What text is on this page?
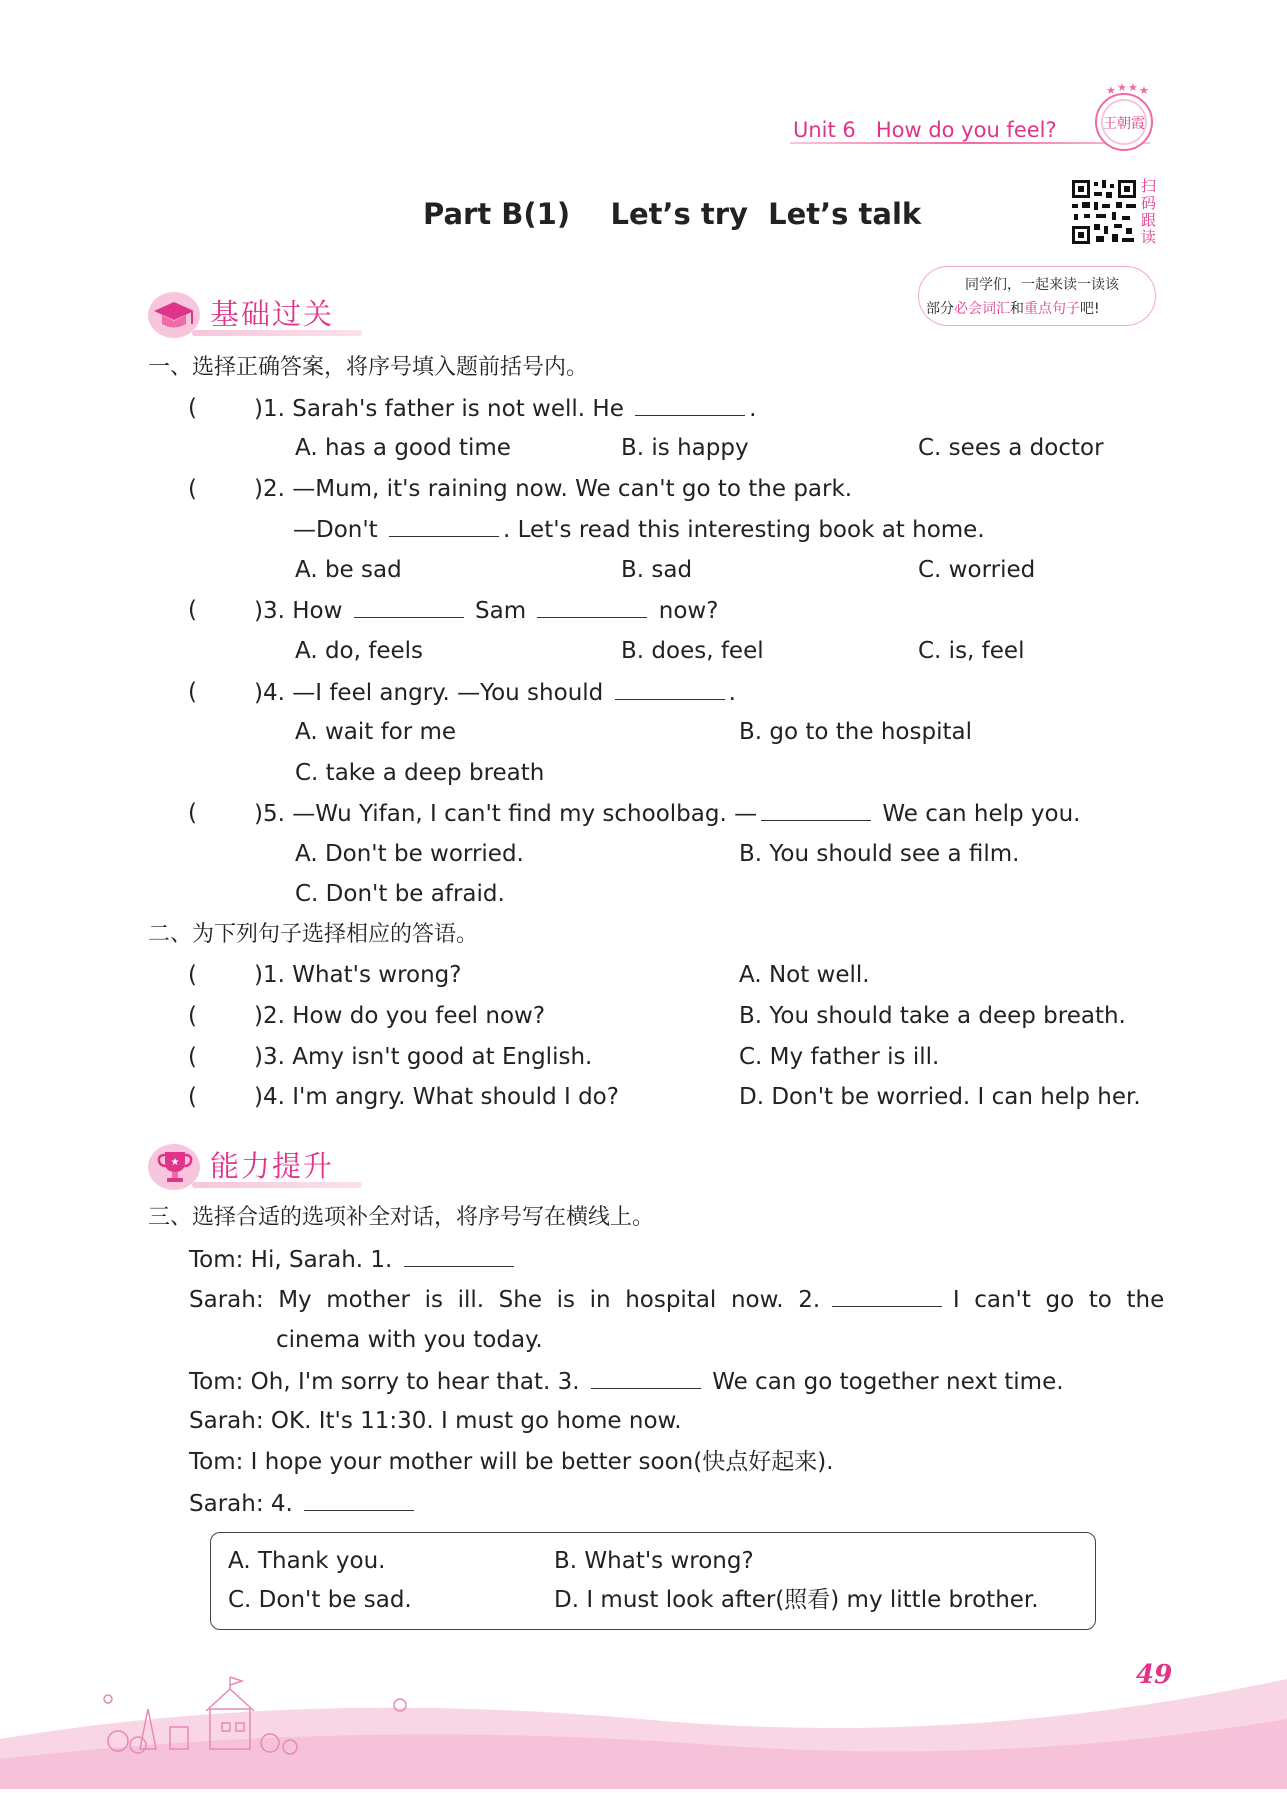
Unit 6 How do you feel?	王朝霞
★ ★ ★ ★
Part B(1)    Let’s try  Let’s talk
扫码跟读
同学们，一起来读一读该
部分必会词汇和重点句子吧!
基础过关
一、选择正确答案，将序号填入题前括号内。
( )1. Sarah's father is not well. He	.
A. has a good time	B. is happy	C. sees a doctor
( )2. —Mum, it's raining now. We can't go to the park.
—Don't	. Let's read this interesting book at home.
A. be sad	B. sad	C. worried
( )3. How	Sam	now?
A. do, feels	B. does, feel	C. is, feel
( )4. —I feel angry. —You should	.
A. wait for me	B. go to the hospital
C. take a deep breath
( )5. —Wu Yifan, I can't find my schoolbag. —	We can help you.
A. Don't be worried.	B. You should see a film.
C. Don't be afraid.
二、为下列句子选择相应的答语。
( )1. What's wrong?	A. Not well.
( )2. How do you feel now?	B. You should take a deep breath.
( )3. Amy isn't good at English.	C. My father is ill.
( )4. I'm angry. What should I do?	D. Don't be worried. I can help her.
★ 能力提升
三、选择合适的选项补全对话，将序号写在横线上。
Tom: Hi, Sarah. 1.
Sarah:  My  mother  is  ill.  She  is  in  hospital  now.  2.	I  can't  go  to  the
cinema with you today.
Tom: Oh, I'm sorry to hear that. 3.	We can go together next time.
Sarah: OK. It's 11:30. I must go home now.
Tom: I hope your mother will be better soon(快点好起来).
Sarah: 4.
A. Thank you.	B. What's wrong?
C. Don't be sad.	D. I must look after(照看) my little brother.
49
